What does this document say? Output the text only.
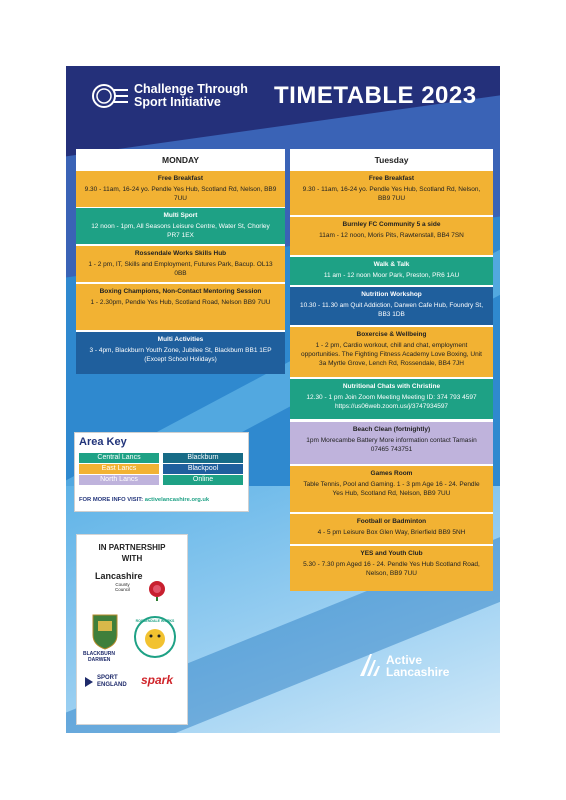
Challenge Through
Sport Initiative	TIMETABLE 2023
MONDAY
Free Breakfast
9.30 - 11am, 16-24 yo. Pendle Yes Hub, Scotland Rd, Nelson, BB9 7UU
Multi Sport
12 noon - 1pm, All Seasons Leisure Centre, Water St, Chorley PR7 1EX
Rossendale Works Skills Hub
1 - 2 pm, IT, Skills and Employment, Futures Park, Bacup. OL13 0BB
Boxing Champions, Non-Contact Mentoring Session
1 - 2.30pm, Pendle Yes Hub, Scotland Road, Nelson BB9 7UU
Multi Activities
3 - 4pm, Blackburn Youth Zone, Jubilee St, Blackburn BB1 1EP (Except School Holidays)
Tuesday
Free Breakfast
9.30 - 11am, 16-24 yo. Pendle Yes Hub, Scotland Rd, Nelson, BB9 7UU
Burnley FC Community 5 a side
11am - 12 noon, Moris Pits, Rawtenstall, BB4 7SN
Walk & Talk
11 am - 12 noon Moor Park, Preston, PR6 1AU
Nutrition Workshop
10.30 - 11.30 am Quit Addiction, Darwen Cafe Hub, Foundry St, BB3 1DB
Boxercise & Wellbeing
1 - 2 pm, Cardio workout, chill and chat, employment opportunities. The Fighting Fitness Academy Love Boxing, Unit 3a Myrtle Grove, Lench Rd, Rossendale, BB4 7JH
Nutritional Chats with Christine
12.30 - 1 pm Join Zoom Meeting Meeting ID: 374 793 4597 https://us06web.zoom.us/j/3747934597
Beach Clean (fortnightly)
1pm Morecambe Battery More information contact Tamasin 07465 743751
Games Room
Table Tennis, Pool and Gaming. 1 - 3 pm Age 16 - 24. Pendle Yes Hub, Scotland Rd, Nelson, BB9 7UU
Football or Badminton
4 - 5 pm Leisure Box Glen Way, Brierfield BB9 5NH
YES and Youth Club
5.30 - 7.30 pm Aged 16 - 24. Pendle Yes Hub Scotland Road, Nelson, BB9 7UU
Area Key
Central Lancs
East Lancs
North Lancs
Blackburn
Blackpool
Online
FOR MORE INFO VISIT: activelancashire.org.uk
IN PARTNERSHIP
WITH
Lancashire
County
Council
BLACKBURN
DARWEN
ROSSENDALE WORKS
SPORT
ENGLAND spark
Active
Lancashire
